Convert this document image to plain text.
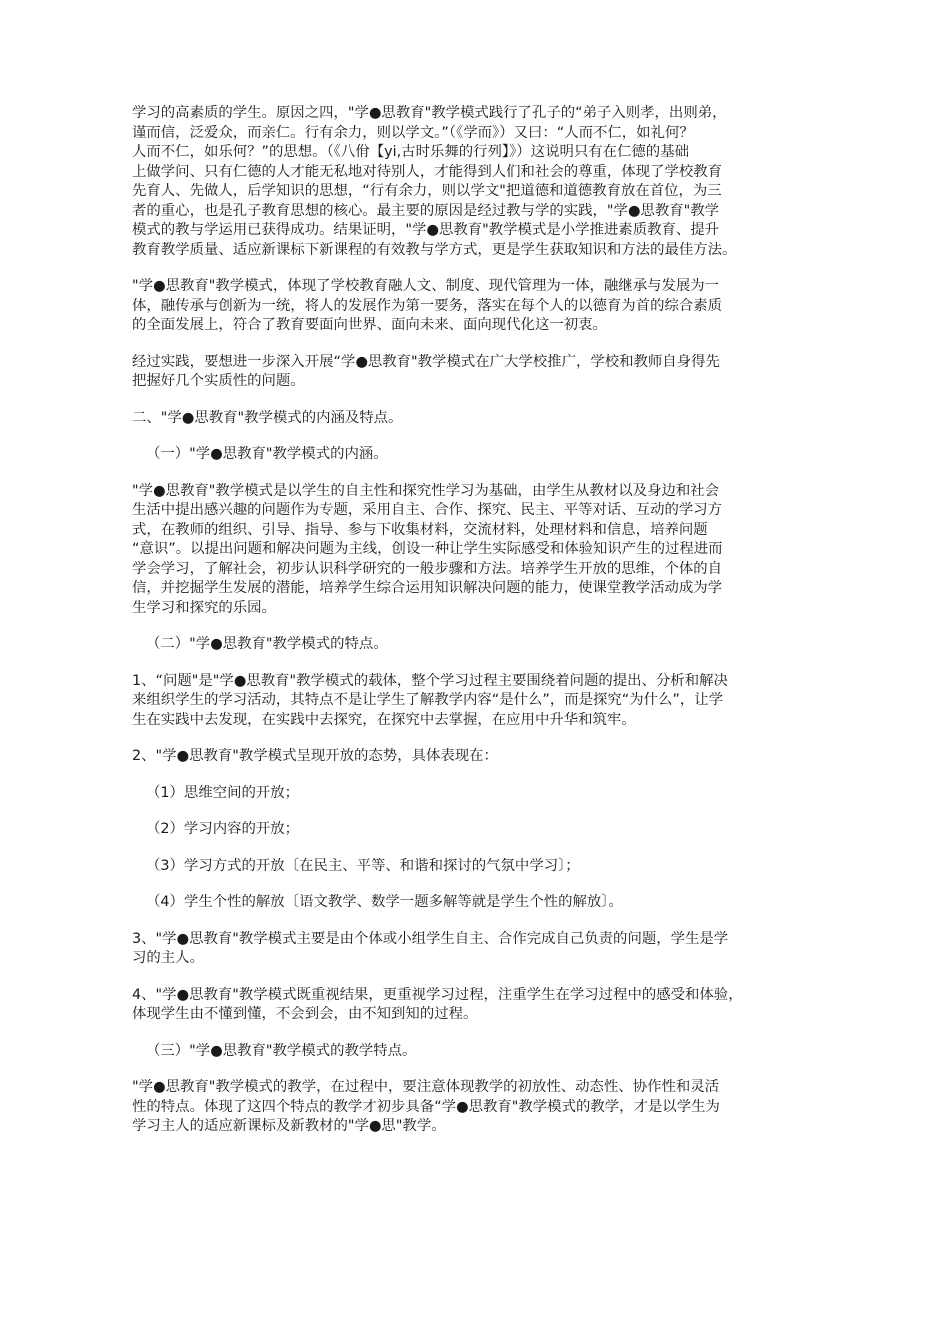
学习的高素质的学生。原因之四，"学●思教育"教学模式践行了孔子的“弟子入则孝，出则弟，
谨而信，泛爱众，而亲仁。行有余力，则以学文。”（《学而》）又曰：“人而不仁，如礼何？
人而不仁，如乐何？”的思想。（《八佾【yi,古时乐舞的行列】》）这说明只有在仁德的基础
上做学问、只有仁德的人才能无私地对待别人，才能得到人们和社会的尊重，体现了学校教育
先育人、先做人，后学知识的思想，“行有余力，则以学文"把道德和道德教育放在首位，为三
者的重心，也是孔子教育思想的核心。最主要的原因是经过教与学的实践，"学●思教育"教学
模式的教与学运用已获得成功。结果证明，"学●思教育"教学模式是小学推进素质教育、提升
教育教学质量、适应新课标下新课程的有效教与学方式，更是学生获取知识和方法的最佳方法。

"学●思教育"教学模式，体现了学校教育融人文、制度、现代管理为一体，融继承与发展为一
体，融传承与创新为一统，将人的发展作为第一要务，落实在每个人的以德育为首的综合素质
的全面发展上，符合了教育要面向世界、面向未来、面向现代化这一初衷。

经过实践，要想进一步深入开展“学●思教育"教学模式在广大学校推广，学校和教师自身得先
把握好几个实质性的问题。

二、"学●思教育"教学模式的内涵及特点。

（一）"学●思教育"教学模式的内涵。

"学●思教育"教学模式是以学生的自主性和探究性学习为基础，由学生从教材以及身边和社会
生活中提出感兴趣的问题作为专题，采用自主、合作、探究、民主、平等对话、互动的学习方
式，在教师的组织、引导、指导、参与下收集材料，交流材料，处理材料和信息，培养问题
“意识”。以提出问题和解决问题为主线，创设一种让学生实际感受和体验知识产生的过程进而
学会学习，了解社会，初步认识科学研究的一般步骤和方法。培养学生开放的思维，个体的自
信，并挖掘学生发展的潜能，培养学生综合运用知识解决问题的能力，使课堂教学活动成为学
生学习和探究的乐园。

（二）"学●思教育"教学模式的特点。

1、“问题"是"学●思教育"教学模式的载体，整个学习过程主要围绕着问题的提出、分析和解决
来组织学生的学习活动，其特点不是让学生了解教学内容“是什么”，而是探究“为什么”，让学
生在实践中去发现，在实践中去探究，在探究中去掌握，在应用中升华和筑牢。

2、"学●思教育"教学模式呈现开放的态势，具体表现在：

（1）思维空间的开放；

（2）学习内容的开放；

（3）学习方式的开放〔在民主、平等、和谐和探讨的气氛中学习〕；

（4）学生个性的解放〔语文教学、数学一题多解等就是学生个性的解放〕。

3、"学●思教育"教学模式主要是由个体或小组学生自主、合作完成自己负责的问题，学生是学
习的主人。

4、"学●思教育"教学模式既重视结果，更重视学习过程，注重学生在学习过程中的感受和体验，
体现学生由不懂到懂，不会到会，由不知到知的过程。

（三）"学●思教育"教学模式的教学特点。

"学●思教育"教学模式的教学，在过程中，要注意体现教学的初放性、动态性、协作性和灵活
性的特点。体现了这四个特点的教学才初步具备“学●思教育"教学模式的教学，才是以学生为
学习主人的适应新课标及新教材的"学●思"教学。
